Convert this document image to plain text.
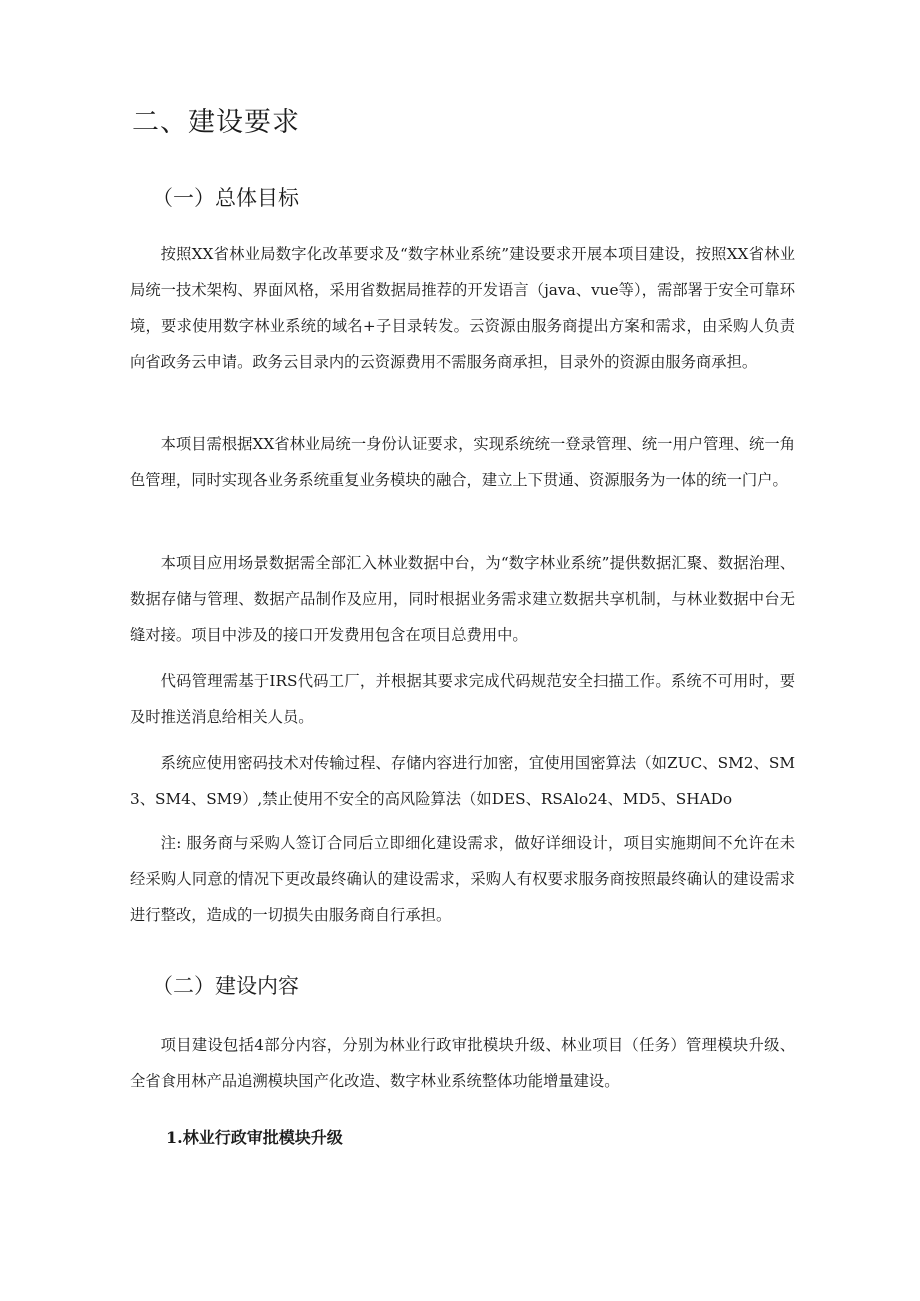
二、建设要求
（一）总体目标

按照XX省林业局数字化改革要求及“数字林业系统”建设要求开展本项目建设，按照XX省林业局统一技术架构、界面风格，采用省数据局推荐的开发语言（java、vue等），需部署于安全可靠环境，要求使用数字林业系统的域名+子目录转发。云资源由服务商提出方案和需求，由采购人负责向省政务云申请。政务云目录内的云资源费用不需服务商承担，目录外的资源由服务商承担。

本项目需根据XX省林业局统一身份认证要求，实现系统统一登录管理、统一用户管理、统一角色管理，同时实现各业务系统重复业务模块的融合，建立上下贯通、资源服务为一体的统一门户。

本项目应用场景数据需全部汇入林业数据中台，为“数字林业系统”提供数据汇聚、数据治理、数据存储与管理、数据产品制作及应用，同时根据业务需求建立数据共享机制，与林业数据中台无缝对接。项目中涉及的接口开发费用包含在项目总费用中。

代码管理需基于IRS代码工厂，并根据其要求完成代码规范安全扫描工作。系统不可用时，要及时推送消息给相关人员。

系统应使用密码技术对传输过程、存储内容进行加密，宜使用国密算法（如ZUC、SM2、SM3、SM4、SM9）,禁止使用不安全的高风险算法（如DES、RSAlo24、MD5、SHADo

注: 服务商与采购人签订合同后立即细化建设需求，做好详细设计，项目实施期间不允许在未经采购人同意的情况下更改最终确认的建设需求，采购人有权要求服务商按照最终确认的建设需求进行整改，造成的一切损失由服务商自行承担。

（二）建设内容

项目建设包括4部分内容，分别为林业行政审批模块升级、林业项目（任务）管理模块升级、全省食用林产品追溯模块国产化改造、数字林业系统整体功能增量建设。

1.林业行政审批模块升级
